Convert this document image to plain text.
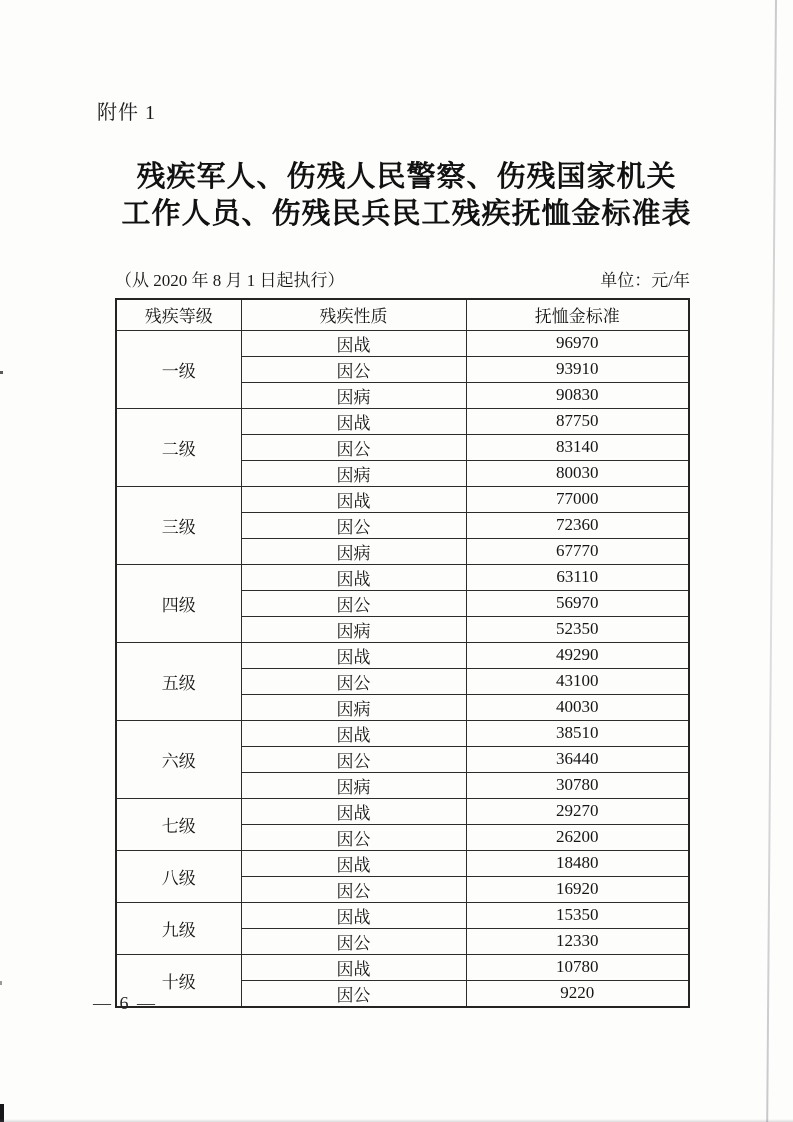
附件 1
残疾军人、伤残人民警察、伤残国家机关
工作人员、伤残民兵民工残疾抚恤金标准表
（从 2020 年 8 月 1 日起执行）	单位：元/年
残疾等级	残疾性质	抚恤金标准
一级	因战	96970
	因公	93910
	因病	90830
二级	因战	87750
	因公	83140
	因病	80030
三级	因战	77000
	因公	72360
	因病	67770
四级	因战	63110
	因公	56970
	因病	52350
五级	因战	49290
	因公	43100
	因病	40030
六级	因战	38510
	因公	36440
	因病	30780
七级	因战	29270
	因公	26200
八级	因战	18480
	因公	16920
九级	因战	15350
	因公	12330
十级	因战	10780
	因公	9220
— 6 —
